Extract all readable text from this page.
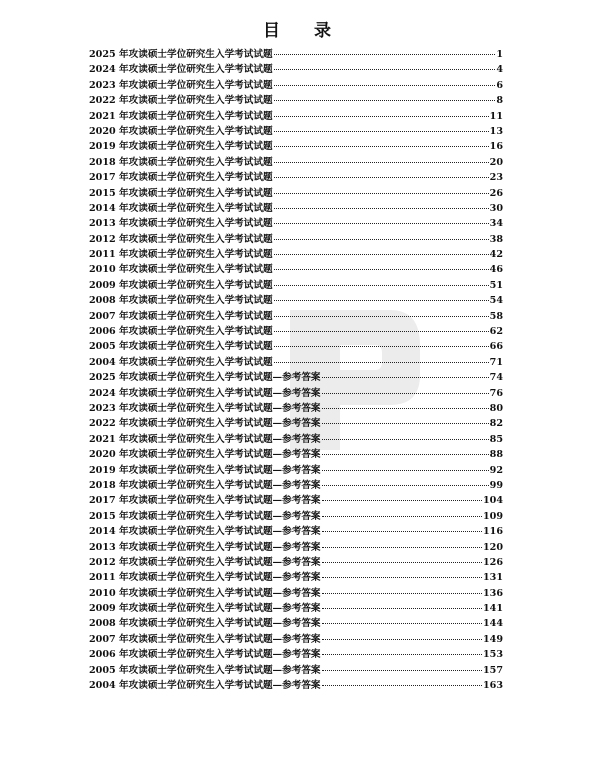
目 录
2025 年攻读硕士学位研究生入学考试试题	1
2024 年攻读硕士学位研究生入学考试试题	4
2023 年攻读硕士学位研究生入学考试试题	6
2022 年攻读硕士学位研究生入学考试试题	8
2021 年攻读硕士学位研究生入学考试试题	11
2020 年攻读硕士学位研究生入学考试试题	13
2019 年攻读硕士学位研究生入学考试试题	16
2018 年攻读硕士学位研究生入学考试试题	20
2017 年攻读硕士学位研究生入学考试试题	23
2015 年攻读硕士学位研究生入学考试试题	26
2014 年攻读硕士学位研究生入学考试试题	30
2013 年攻读硕士学位研究生入学考试试题	34
2012 年攻读硕士学位研究生入学考试试题	38
2011 年攻读硕士学位研究生入学考试试题	42
2010 年攻读硕士学位研究生入学考试试题	46
2009 年攻读硕士学位研究生入学考试试题	51
2008 年攻读硕士学位研究生入学考试试题	54
2007 年攻读硕士学位研究生入学考试试题	58
2006 年攻读硕士学位研究生入学考试试题	62
2005 年攻读硕士学位研究生入学考试试题	66
2004 年攻读硕士学位研究生入学考试试题	71
2025 年攻读硕士学位研究生入学考试试题—参考答案	74
2024 年攻读硕士学位研究生入学考试试题—参考答案	76
2023 年攻读硕士学位研究生入学考试试题—参考答案	80
2022 年攻读硕士学位研究生入学考试试题—参考答案	82
2021 年攻读硕士学位研究生入学考试试题—参考答案	85
2020 年攻读硕士学位研究生入学考试试题—参考答案	88
2019 年攻读硕士学位研究生入学考试试题—参考答案	92
2018 年攻读硕士学位研究生入学考试试题—参考答案	99
2017 年攻读硕士学位研究生入学考试试题—参考答案	104
2015 年攻读硕士学位研究生入学考试试题—参考答案	109
2014 年攻读硕士学位研究生入学考试试题—参考答案	116
2013 年攻读硕士学位研究生入学考试试题—参考答案	120
2012 年攻读硕士学位研究生入学考试试题—参考答案	126
2011 年攻读硕士学位研究生入学考试试题—参考答案	131
2010 年攻读硕士学位研究生入学考试试题—参考答案	136
2009 年攻读硕士学位研究生入学考试试题—参考答案	141
2008 年攻读硕士学位研究生入学考试试题—参考答案	144
2007 年攻读硕士学位研究生入学考试试题—参考答案	149
2006 年攻读硕士学位研究生入学考试试题—参考答案	153
2005 年攻读硕士学位研究生入学考试试题—参考答案	157
2004 年攻读硕士学位研究生入学考试试题—参考答案	163
